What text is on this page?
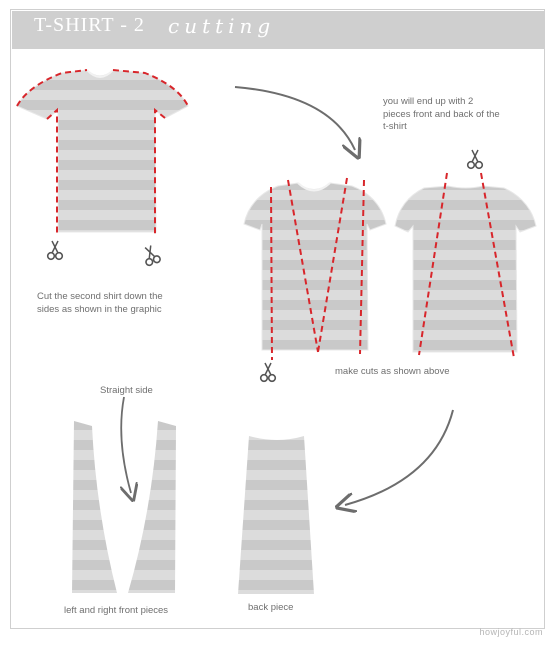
T-SHIRT - 2 cutting
Cut the second shirt down the sides as shown in the graphic
you will end up with 2 pieces front and back of the t-shirt
make cuts as shown above
Straight side
left and right front pieces	back piece
howjoyful.com
